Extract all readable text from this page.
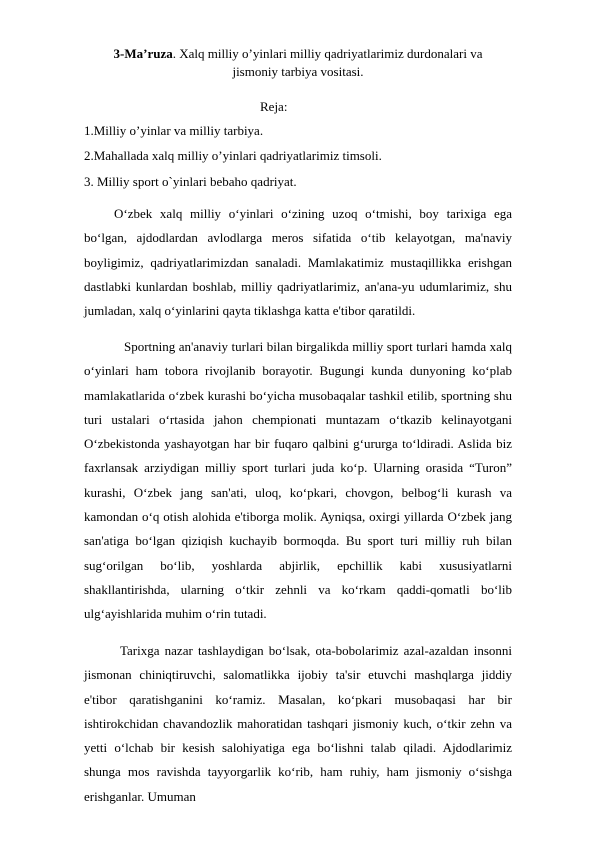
3-Ma’ruza. Xalq milliy o’yinlari milliy qadriyatlarimiz durdonalari va jismoniy tarbiya vositasi.
Reja:
1.Milliy o’yinlar va milliy tarbiya.
2.Mahallada xalq milliy o’yinlari qadriyatlarimiz timsoli.
3. Milliy sport o`yinlari bebaho qadriyat.

O‘zbek xalq milliy o‘yinlari o‘zining uzoq o‘tmishi, boy tarixiga ega bo‘lgan, ajdodlardan avlodlarga meros sifatida o‘tib kelayotgan, ma'naviy boyligimiz, qadriyatlarimizdan sanaladi. Mamlakatimiz mustaqillikka erishgan dastlabki kunlardan boshlab, milliy qadriyatlarimiz, an'ana-yu udumlarimiz, shu jumladan, xalq o‘yinlarini qayta tiklashga katta e'tibor qaratildi.

Sportning an'anaviy turlari bilan birgalikda milliy sport turlari hamda xalq o‘yinlari ham tobora rivojlanib borayotir. Bugungi kunda dunyoning ko‘plab mamlakatlarida o‘zbek kurashi bo‘yicha musobaqalar tashkil etilib, sportning shu turi ustalari o‘rtasida jahon chempionati muntazam o‘tkazib kelinayotgani O‘zbekistonda yashayotgan har bir fuqaro qalbini g‘ururga to‘ldiradi. Aslida biz faxrlansak arziydigan milliy sport turlari juda ko‘p. Ularning orasida “Turon” kurashi, O‘zbek jang san'ati, uloq, ko‘pkari, chovgon, belbog‘li kurash va kamondan o‘q otish alohida e'tiborga molik. Ayniqsa, oxirgi yillarda O‘zbek jang san'atiga bo‘lgan qiziqish kuchayib bormoqda. Bu sport turi milliy ruh bilan sug‘orilgan bo‘lib, yoshlarda abjirlik, epchillik kabi xususiyatlarni shakllantirishda, ularning o‘tkir zehnli va ko‘rkam qaddi-qomatli bo‘lib ulg‘ayishlarida muhim o‘rin tutadi.

Tarixga nazar tashlaydigan bo‘lsak, ota-bobolarimiz azal-azaldan insonni jismonan chiniqtiruvchi, salomatlikka ijobiy ta'sir etuvchi mashqlarga jiddiy e'tibor qaratishganini ko‘ramiz. Masalan, ko‘pkari musobaqasi har bir ishtirokchidan chavandozlik mahoratidan tashqari jismoniy kuch, o‘tkir zehn va yetti o‘lchab bir kesish salohiyatiga ega bo‘lishni talab qiladi. Ajdodlarimiz shunga mos ravishda tayyorgarlik ko‘rib, ham ruhiy, ham jismoniy o‘sishga erishganlar. Umuman
